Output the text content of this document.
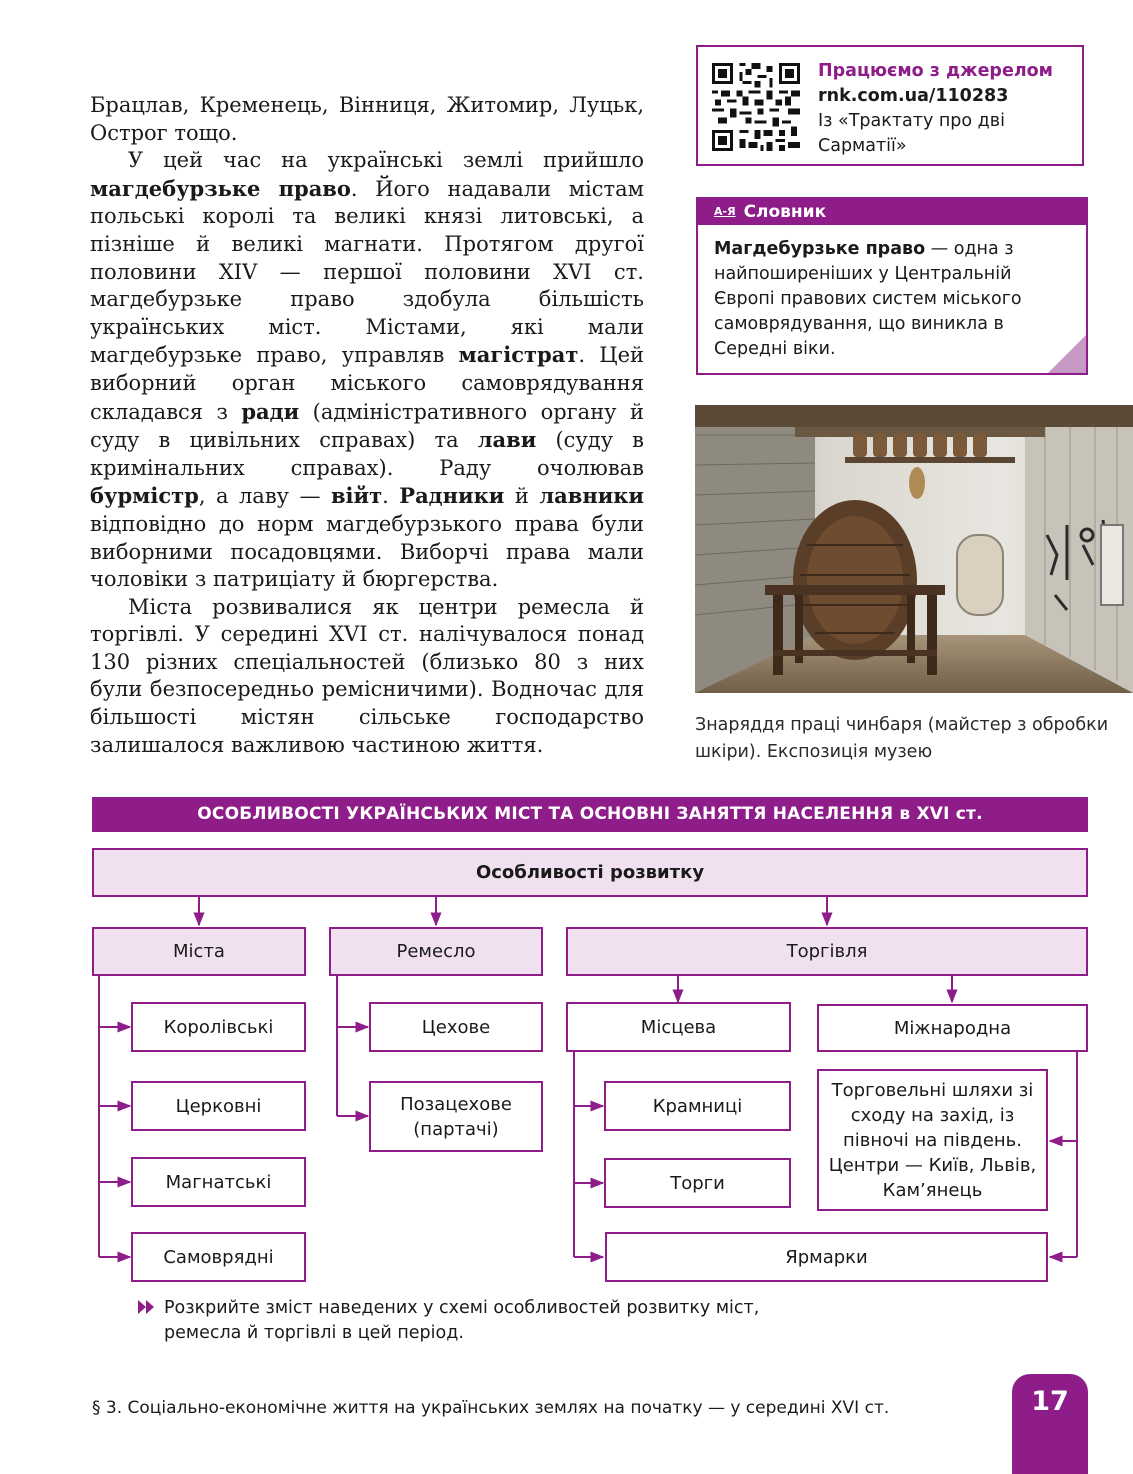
Брацлав, Кременець, Вінниця, Житомир, Луцьк, Острог тощо.

У цей час на українські землі прийшло магдебурзьке право. Його надавали містам польські королі та великі князі литовські, а пізніше й великі магнати. Протягом другої половини XIV — першої половини XVI ст. магдебурзьке право здобула більшість українських міст. Містами, які мали магдебурзьке право, управляв магістрат. Цей виборний орган міського самоврядування складався з ради (адміністративного органу й суду в цивільних справах) та лави (суду в кримінальних справах). Раду очолював бурмістр, а лаву — війт. Радники й лавники відповідно до норм магдебурзького права були виборними посадовцями. Виборчі права мали чоловіки з патриціату й бюргерства.

Міста розвивалися як центри ремесла й торгівлі. У середині XVI ст. налічувалося понад 130 різних спеціальностей (близько 80 з них були безпосередньо ремісничими). Водночас для більшості містян сільське господарство залишалося важливою частиною життя.

Працюємо з джерелом
rnk.com.ua/110283
Із «Трактату про дві Сарматії»
А-Я Словник
Магдебурзьке право — одна з найпоширеніших у Центральній Європі правових систем міського самоврядування, що виникла в Середні віки.
Знаряддя праці чинбаря (майстер з обробки шкіри). Експозиція музею
ОСОБЛИВОСТІ УКРАЇНСЬКИХ МІСТ ТА ОСНОВНІ ЗАНЯТТЯ НАСЕЛЕННЯ в XVI ст.
Особливості розвитку
Міста	Ремесло	Торгівля
Королівські
Церковні
Магнатські
Самоврядні
Цехове
Позацехове (партачі)
Місцева	Міжнародна
Крамниці
Торги
Торговельні шляхи зі сходу на захід, із півночі на південь. Центри — Київ, Львів, Кам’янець
Ярмарки
Розкрийте зміст наведених у схемі особливостей розвитку міст, ремесла й торгівлі в цей період.
§ 3. Соціально-економічне життя на українських землях на початку — у середині XVI ст.	17
